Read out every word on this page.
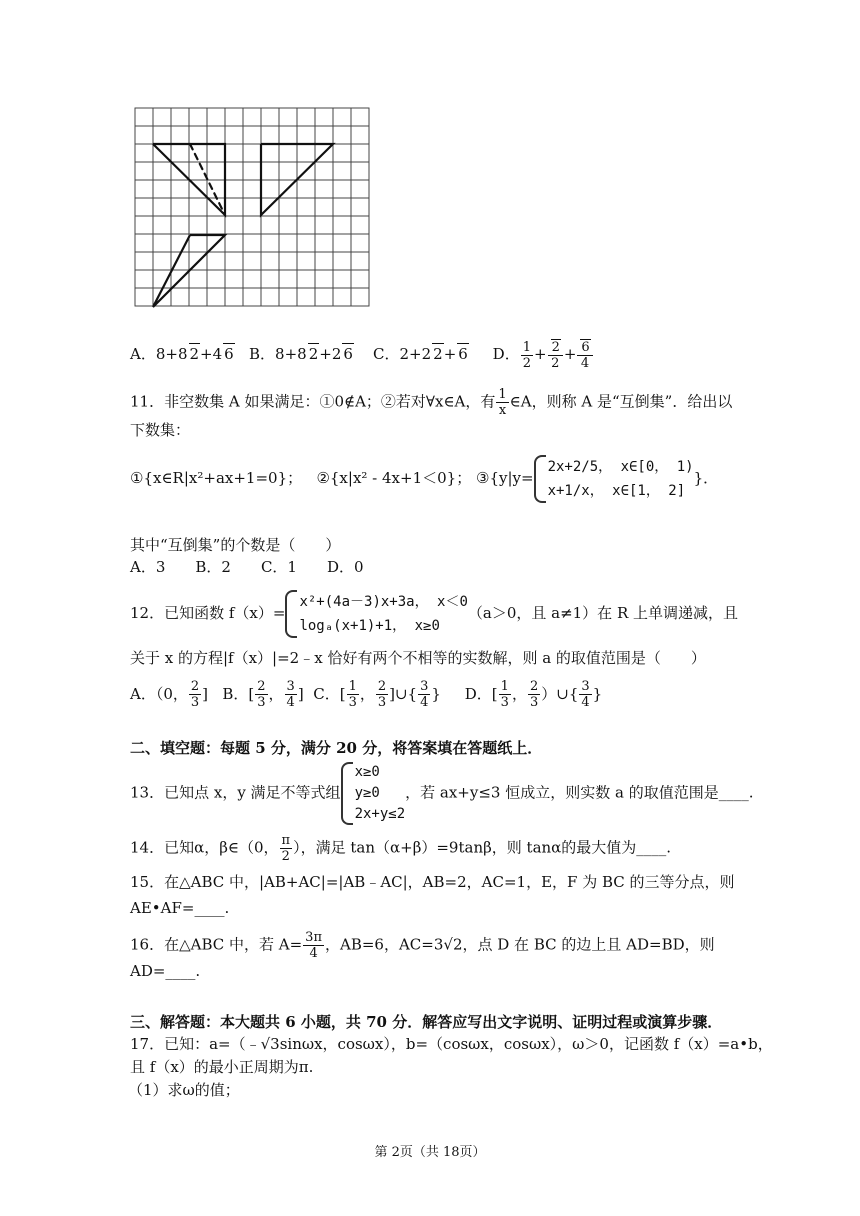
A．8+8 2+4 6 B．8+8 2+2 6 C．2+2 2+ 6 D． $\frac{1}{2} + \frac{2}{2} + \frac{6}{4}$
11．非空数集 A 如果满足：①0∉A；②若对∀x∈A，有 $\frac{1}{x}$ ∈A，则称 A 是“互倒集”．给出以
下数集：
①{x∈R|x²+ax+1=0}； ②{x|x² - 4x+1＜0}； ③{y|y=
2x+2/5， x∈[0， 1)
x+1/x， x∈[1， 2]
}．
其中“互倒集”的个数是（　　）
A．3　　B．2　　C．1　　D．0
12．已知函数 f（x）=
x²+(4a－3)x+3a， x＜0
logₐ(x+1)+1， x≥0
（a＞0，且 a≠1）在 R 上单调递减，且
关于 x 的方程|f（x）|=2﹣x 恰好有两个不相等的实数解，则 a 的取值范围是（　　）
A．（0， $\frac{2}{3}$ ] B．[ $\frac{2}{3}$ ， $\frac{3}{4}$ ] C．[ $\frac{1}{3}$ ， $\frac{2}{3}$ ]∪{ $\frac{3}{4}$ } D．[ $\frac{1}{3}$ ， $\frac{2}{3}$ ）∪{ $\frac{3}{4}$ }
二、填空题：每题 5 分，满分 20 分，将答案填在答题纸上．
13．已知点 x，y 满足不等式组
x≥0
y≥0
2x+y≤2
，若 ax+y≤3 恒成立，则实数 a 的取值范围是____.
14．已知α，β∈（0， $\frac{\pi}{2}$ ），满足 tan（α+β）=9tanβ，则 tanα的最大值为____.
15．在△ABC 中，|AB+AC|=|AB﹣AC|，AB=2，AC=1，E，F 为 BC 的三等分点，则
AE•AF=____.
16．在△ABC 中，若 $A= \frac{3\pi}{4}$ ，AB=6，AC=3√2，点 D 在 BC 的边上且 AD=BD，则
AD=____.
三、解答题：本大题共 6 小题，共 70 分．解答应写出文字说明、证明过程或演算步骤．
17．已知：a=（﹣√3sinωx，cosωx），b=（cosωx，cosωx），ω＞0，记函数 f（x）=a•b，
且 f（x）的最小正周期为π.
（1）求ω的值；
第 2页（共 18页）
